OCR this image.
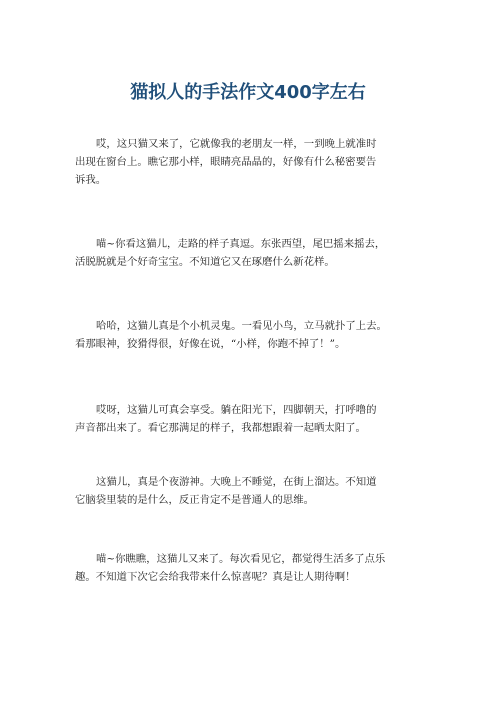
猫拟人的手法作文400字左右
哎，这只猫又来了，它就像我的老朋友一样，一到晚上就准时
出现在窗台上。瞧它那小样，眼睛亮晶晶的，好像有什么秘密要告
诉我。
喵~你看这猫儿，走路的样子真逗。东张西望，尾巴摇来摇去，
活脱脱就是个好奇宝宝。不知道它又在琢磨什么新花样。
哈哈，这猫儿真是个小机灵鬼。一看见小鸟，立马就扑了上去。
看那眼神，狡猾得很，好像在说，“小样，你跑不掉了！”。
哎呀，这猫儿可真会享受。躺在阳光下，四脚朝天，打呼噜的
声音都出来了。看它那满足的样子，我都想跟着一起晒太阳了。
这猫儿，真是个夜游神。大晚上不睡觉，在街上溜达。不知道
它脑袋里装的是什么，反正肯定不是普通人的思维。
喵~你瞧瞧，这猫儿又来了。每次看见它，都觉得生活多了点乐
趣。不知道下次它会给我带来什么惊喜呢？真是让人期待啊！
